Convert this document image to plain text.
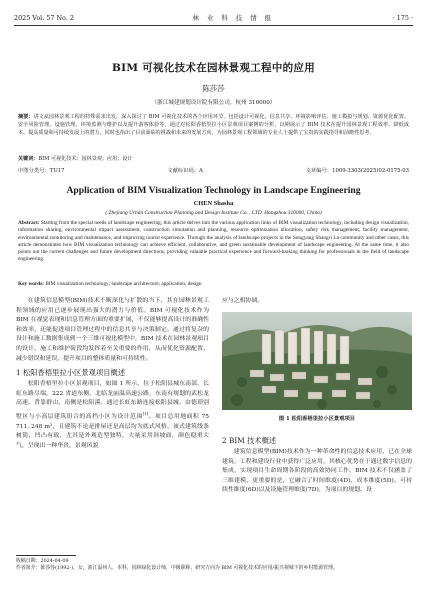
2025 Vol. 57 No. 2	林 业 科 技 情 报	· 175 ·
BIM 可视化技术在园林景观工程中的应用
陈莎莎
（浙江城建规划设计院有限公司，杭州 310000）
摘要：讲文从园林景观工程的特殊需求出发，深入探讨了 BIM 可视化技术的各个应用环节，包括设计可视化、信息共享、环境影响评估、施工模拟与规划、资源优化配置、安全风险管理、设施管理、环境监测与维护以及提升游客体验等。通过对松阳香梧里拉小区景观项目案例的分析，以期展示了 BIM 技术在提升园林景观工程效率、降低成本、提高质量和可持续发展上的潜力，同时也指出了目前面临的挑战和未来的发展方向，为园林景观工程领域的专业人士提供了宝贵的实践指导和前瞻性思考。
关键词：BIM 可视化技术；园林景观；应用；设计
中图分类号：TU17	文献标识码：A	文章编号：1009-3303(2025)02-0175-03
Application of BIM Visualization Technology in Landscape Engineering
CHEN Shasha
( Zhejiang Urban Construction Planning and Design Institute Co. , LTD. Hangzhou 310000, China)
Abstract: Starting from the special needs of landscape engineering, this article delves into the various application links of BIM visualization technology, including design visualization, information sharing, environmental impact assessment, construction simulation and planning, resource optimization allocation, safety risk management, facility management, environmental monitoring and maintenance, and improving tourist experience. Through the analysis of landscape projects in the Songyang Shangri La community and other cases, this article demonstrates how BIM visualization technology can achieve efficient, collaborative, and green sustainable development of landscape engineering. At the same time, it also points out the current challenges and future development directions, providing valuable practical experience and forward-looking thinking for professionals in the field of landscape engineering.
Key words: BIM visualization technology; landscape architecture; application; design

在建筑信息模型(BIM)技术不断深化与扩散的当下，其在园林景观工程领域的应用已逐步展现出强大的潜力与价值。BIM 可视化技术作为 BIM 在视觉表现和信息管理方面的重要扩展，不仅能够提高设计的准确性和效率，还能促进项目管理过程中的信息共享与决策制定。通过将复杂的设计和施工数据集成到一个三维可视化模型中，BIM 技术在园林景观项目的设计、施工和维护阶段均发挥着至关重要的作用，从而优化资源配置，减少错误和延误，提升项目的整体质量和可持续性。

1 松阳香梧里拉小区景观项目概述

松阳香梧里拉小区景观项目，如图 1 所示，位于松阳县城东南部，长虹东路尽端，222 省道东侧，北临龙丽温高速公路，东南有规划的武松龙高速。背靠群山，南侧是松阳溪。通过长虹东路连接松阳县城。由德璟别墅区与小高层建筑组合的高档小区为设计范围[1]。项目总用地面积 75 711. 248 m²，且建筑不论是排屋还是高层均为底式风格，该式建筑线条树简，凹凸有致，尤其是外观造型独特，大量采用斜坡面，颜色稳重大气，呈现出一种华贵，景观风貌

应与之相协调。
图 1 松阳香梧里拉小区景观项目

2 BIM 技术概述

建筑信息模型(BIM)技术作为一种革命性的信息技术应用，已在全球建筑、工程和建设行业中获得广泛应用，其核心优势在于通过数字信息的集成，实现项目生命周期各阶段的高效协同工作。BIM 技术不仅涵盖了三维建模，更重要的是，它融合了时间维度(4D)、成本维度(5D)、可持续性维度(6D)以及设施管理维度(7D)，为项目的规划、设

收稿日期：2024-04-09
作者简介：陈莎莎(1992-)，女，浙江温州人，本科，园林绿化设计师，中级职称，研究方向为 BIM 可视化技术的应用/振兴视城下的乡村能源管理。
